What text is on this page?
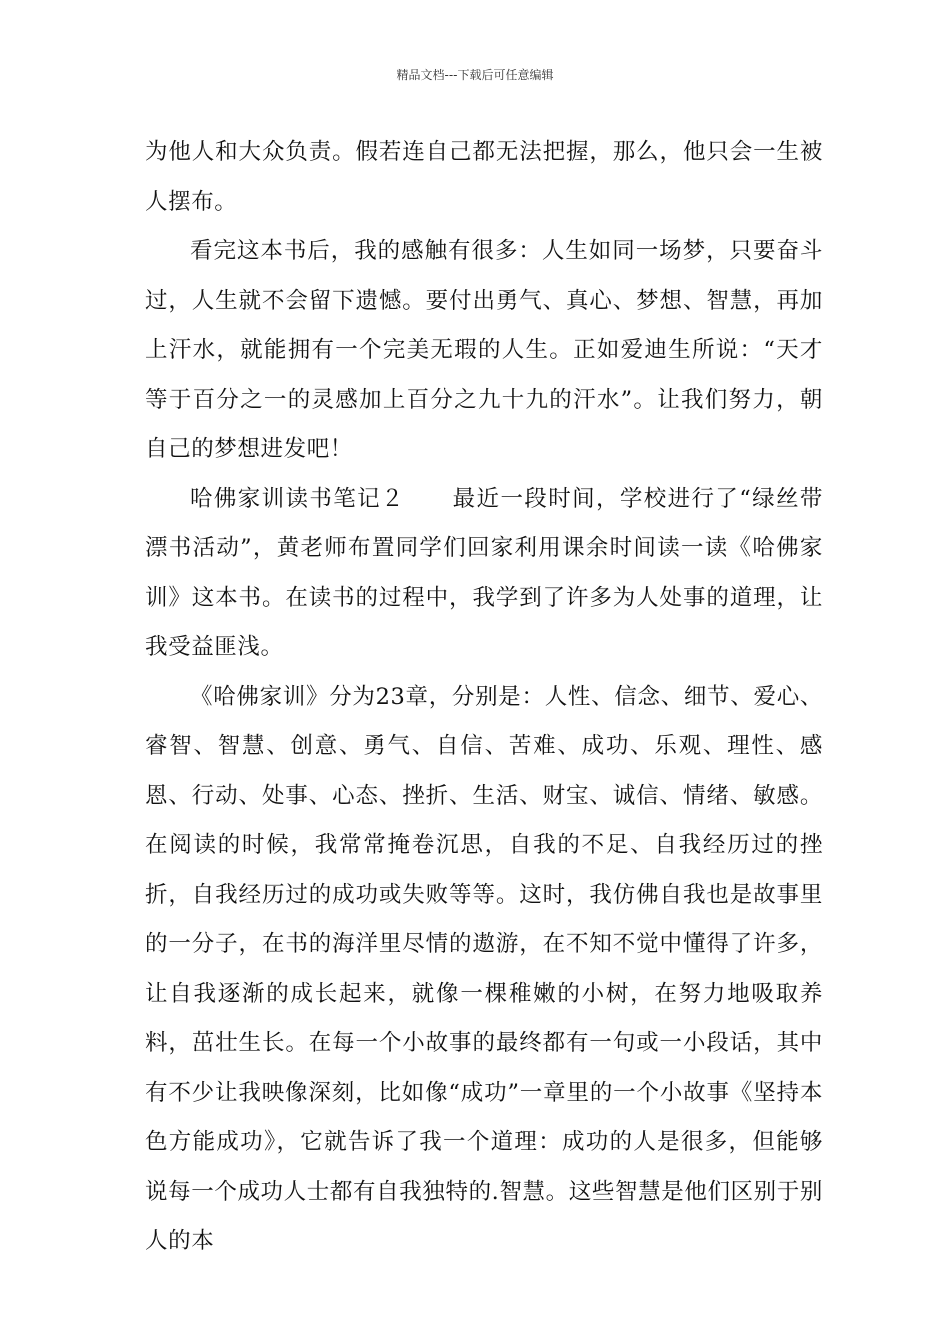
精品文档---下载后可任意编辑

为他人和大众负责。假若连自己都无法把握，那么，他只会一生被人摆布。

看完这本书后，我的感触有很多：人生如同一场梦，只要奋斗过，人生就不会留下遗憾。要付出勇气、真心、梦想、智慧，再加上汗水，就能拥有一个完美无瑕的人生。正如爱迪生所说：“天才等于百分之一的灵感加上百分之九十九的汗水”。让我们努力，朝自己的梦想进发吧！

哈佛家训读书笔记２　　最近一段时间，学校进行了“绿丝带漂书活动”，黄老师布置同学们回家利用课余时间读一读《哈佛家训》这本书。在读书的过程中，我学到了许多为人处事的道理，让我受益匪浅。

《哈佛家训》分为23章，分别是：人性、信念、细节、爱心、睿智、智慧、创意、勇气、自信、苦难、成功、乐观、理性、感恩、行动、处事、心态、挫折、生活、财宝、诚信、情绪、敏感。在阅读的时候，我常常掩卷沉思，自我的不足、自我经历过的挫折，自我经历过的成功或失败等等。这时，我仿佛自我也是故事里的一分子，在书的海洋里尽情的遨游，在不知不觉中懂得了许多，让自我逐渐的成长起来，就像一棵稚嫩的小树，在努力地吸取养料，茁壮生长。在每一个小故事的最终都有一句或一小段话，其中有不少让我映像深刻，比如像“成功”一章里的一个小故事《坚持本色方能成功》，它就告诉了我一个道理：成功的人是很多，但能够说每一个成功人士都有自我独特的.智慧。这些智慧是他们区别于别人的本
